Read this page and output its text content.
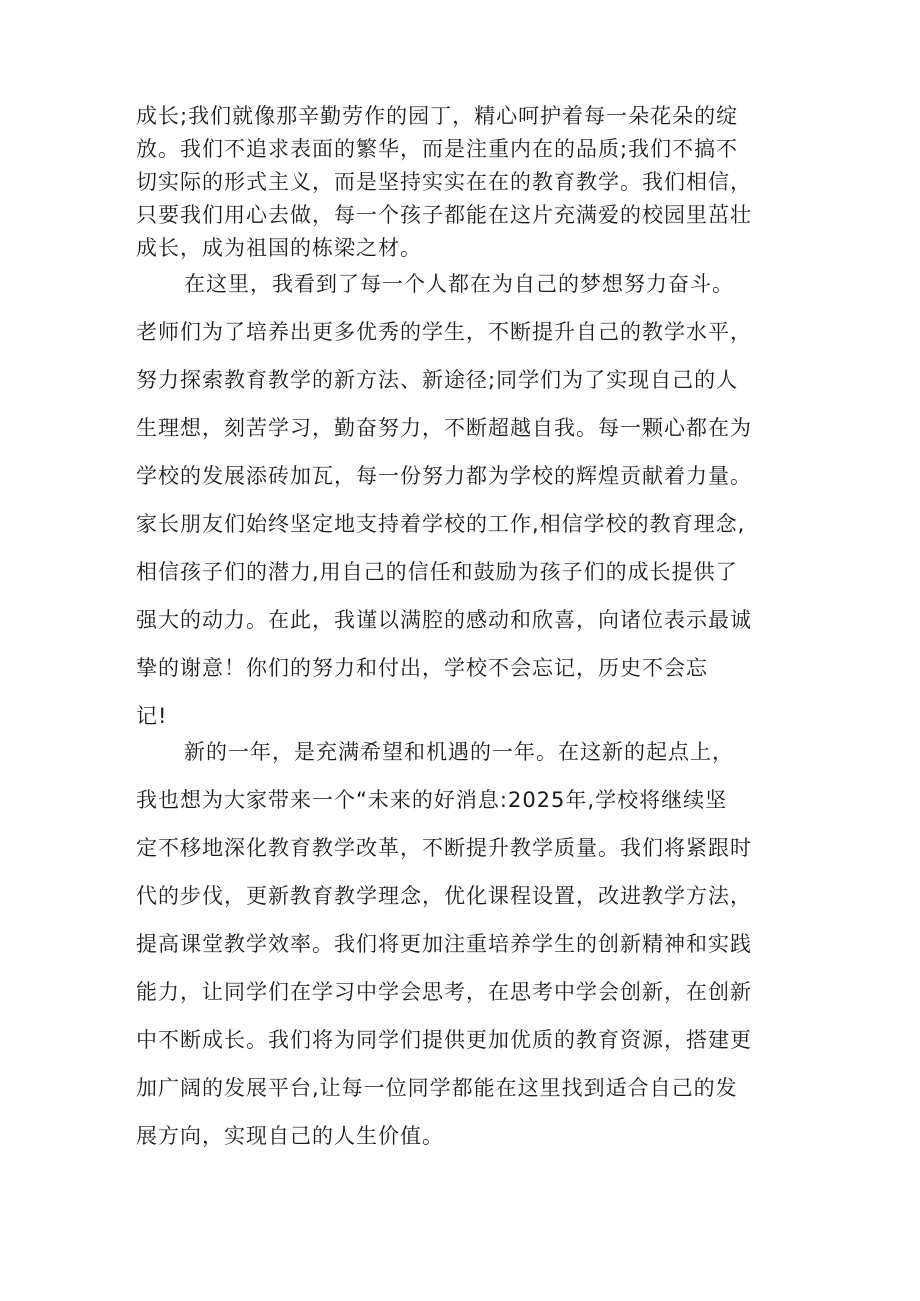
成长;我们就像那辛勤劳作的园丁，精心呵护着每一朵花朵的绽
放。我们不追求表面的繁华，而是注重内在的品质;我们不搞不
切实际的形式主义，而是坚持实实在在的教育教学。我们相信，
只要我们用心去做，每一个孩子都能在这片充满爱的校园里茁壮
成长，成为祖国的栋梁之材。

在这里，我看到了每一个人都在为自己的梦想努力奋斗。
老师们为了培养出更多优秀的学生，不断提升自己的教学水平，
努力探索教育教学的新方法、新途径;同学们为了实现自己的人
生理想，刻苦学习，勤奋努力，不断超越自我。每一颗心都在为
学校的发展添砖加瓦，每一份努力都为学校的辉煌贡献着力量。
家长朋友们始终坚定地支持着学校的工作,相信学校的教育理念,
相信孩子们的潜力,用自己的信任和鼓励为孩子们的成长提供了
强大的动力。在此，我谨以满腔的感动和欣喜，向诸位表示最诚
挚的谢意！你们的努力和付出，学校不会忘记，历史不会忘
记!

新的一年，是充满希望和机遇的一年。在这新的起点上，
我也想为大家带来一个“未来的好消息:2025年,学校将继续坚
定不移地深化教育教学改革，不断提升教学质量。我们将紧跟时
代的步伐，更新教育教学理念，优化课程设置，改进教学方法，
提高课堂教学效率。我们将更加注重培养学生的创新精神和实践
能力，让同学们在学习中学会思考，在思考中学会创新，在创新
中不断成长。我们将为同学们提供更加优质的教育资源，搭建更
加广阔的发展平台,让每一位同学都能在这里找到适合自己的发
展方向，实现自己的人生价值。
